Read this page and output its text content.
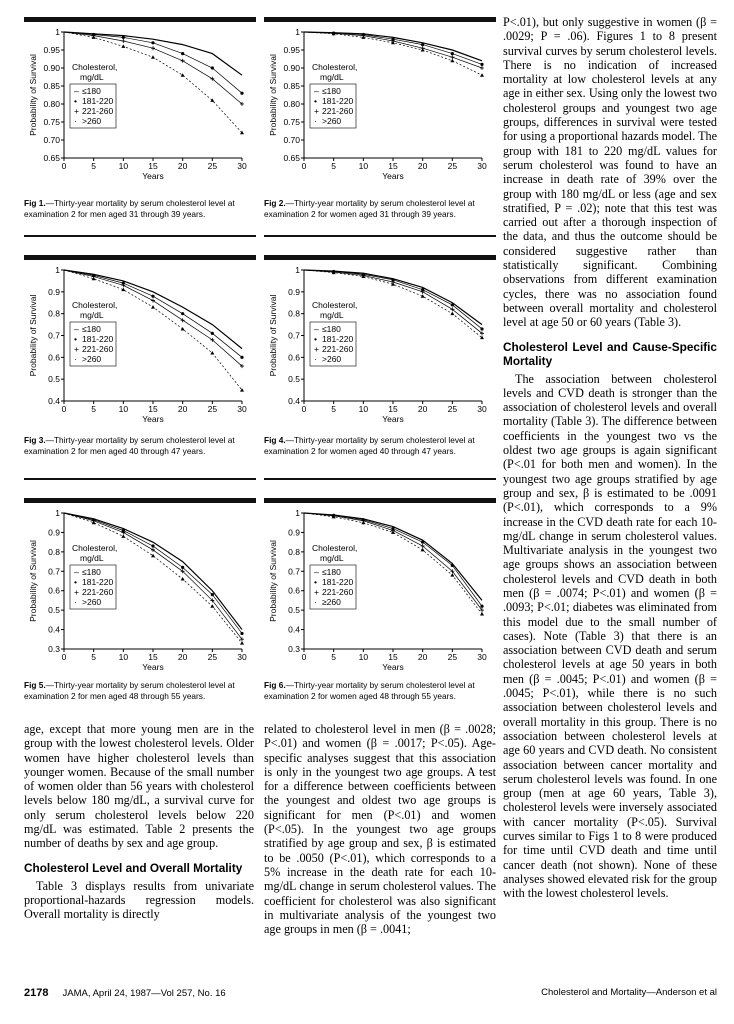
0.65
0.70
0.75
0.80
0.85
0.90
0.95
1
0	5	10 15 20 25 30
Years
Probability of Survival	Cholesterol,
mg/dL
– ≤180
• 181-220
+ 221-260
· >260
Fig 1.—Thirty-year mortality by serum cholesterol level at examination 2 for men aged 31 through 39 years.
0.65
0.70
0.75
0.80
0.85
0.90
0.95
1
0	5	10 15 20 25 30
Years
Probability of Survival	Cholesterol,
mg/dL
– ≤180
• 181-220
+ 221-260
· >260
Fig 2.—Thirty-year mortality by serum cholesterol level at examination 2 for women aged 31 through 39 years.
0.4
0.5
0.6
0.7
0.8
0.9
1
0	5	10 15 20 25 30
Years
Probability of Survival	Cholesterol,
mg/dL
– ≤180
• 181-220
+ 221-260
· >260
Fig 3.—Thirty-year mortality by serum cholesterol level at examination 2 for men aged 40 through 47 years.
0.4
0.5
0.6
0.7
0.8
0.9
1
0	5	10 15 20 25 30
Years
Probability of Survival	Cholesterol,
mg/dL
– ≤180
• 181-220
+ 221-260
· >260
Fig 4.—Thirty-year mortality by serum cholesterol level at examination 2 for women aged 40 through 47 years.
0.3
0.4
0.5
0.6
0.7
0.8
0.9
1
0	5	10 15 20 25 30
Years
Probability of Survival	Cholesterol,
mg/dL
– ≤180
• 181-220
+ 221-260
· >260
Fig 5.—Thirty-year mortality by serum cholesterol level at examination 2 for men aged 48 through 55 years.
0.3
0.4
0.5
0.6
0.7
0.8
0.9
1
0	5	10 15 20 25 30
Years
Probability of Survival	Cholesterol,
mg/dL
– ≤180
• 181-220
+ 221-260
· ≥260
Fig 6.—Thirty-year mortality by serum cholesterol level at examination 2 for women aged 48 through 55 years.

age, except that more young men are in the group with the lowest cholesterol levels. Older women have higher cholesterol levels than younger women. Because of the small number of women older than 56 years with cholesterol levels below 180 mg/dL, a survival curve for only serum cholesterol levels below 220 mg/dL was estimated. Table 2 presents the number of deaths by sex and age group.

Cholesterol Level and Overall Mortality

Table 3 displays results from univariate proportional-hazards regression models. Overall mortality is directly

related to cholesterol level in men (β = .0028; P<.01) and women (β = .0017; P<.05). Age-specific analyses suggest that this association is only in the youngest two age groups. A test for a difference between coefficients between the youngest and oldest two age groups is significant for men (P<.01) and women (P<.05). In the youngest two age groups stratified by age group and sex, β is estimated to be .0050 (P<.01), which corresponds to a 5% increase in the death rate for each 10-mg/dL change in serum cholesterol values. The coefficient for cholesterol was also significant in multivariate analysis of the youngest two age groups in men (β = .0041;

P<.01), but only suggestive in women (β = .0029; P = .06). Figures 1 to 8 present survival curves by serum cholesterol levels. There is no indication of increased mortality at low cholesterol levels at any age in either sex. Using only the lowest two cholesterol groups and youngest two age groups, differences in survival were tested for using a proportional hazards model. The group with 181 to 220 mg/dL values for serum cholesterol was found to have an increase in death rate of 39% over the group with 180 mg/dL or less (age and sex stratified, P = .02); note that this test was carried out after a thorough inspection of the data, and thus the outcome should be considered suggestive rather than statistically significant. Combining observations from different examination cycles, there was no association found between overall mortality and cholesterol level at age 50 or 60 years (Table 3).

Cholesterol Level and Cause-Specific Mortality

The association between cholesterol levels and CVD death is stronger than the association of cholesterol levels and overall mortality (Table 3). The difference between coefficients in the youngest two vs the oldest two age groups is again significant (P<.01 for both men and women). In the youngest two age groups stratified by age group and sex, β is estimated to be .0091 (P<.01), which corresponds to a 9% increase in the CVD death rate for each 10-mg/dL change in serum cholesterol values. Multivariate analysis in the youngest two age groups shows an association between cholesterol levels and CVD death in both men (β = .0074; P<.01) and women (β = .0093; P<.01; diabetes was eliminated from this model due to the small number of cases). Note (Table 3) that there is an association between CVD death and serum cholesterol levels at age 50 years in both men (β = .0045; P<.01) and women (β = .0045; P<.01), while there is no such association between cholesterol levels and overall mortality in this group. There is no association between cholesterol levels at age 60 years and CVD death. No consistent association between cancer mortality and serum cholesterol levels was found. In one group (men at age 60 years, Table 3), cholesterol levels were inversely associated with cancer mortality (P<.05). Survival curves similar to Figs 1 to 8 were produced for time until CVD death and time until cancer death (not shown). None of these analyses showed elevated risk for the group with the lowest cholesterol levels.

2178 JAMA, April 24, 1987—Vol 257, No. 16	Cholesterol and Mortality—Anderson et al
